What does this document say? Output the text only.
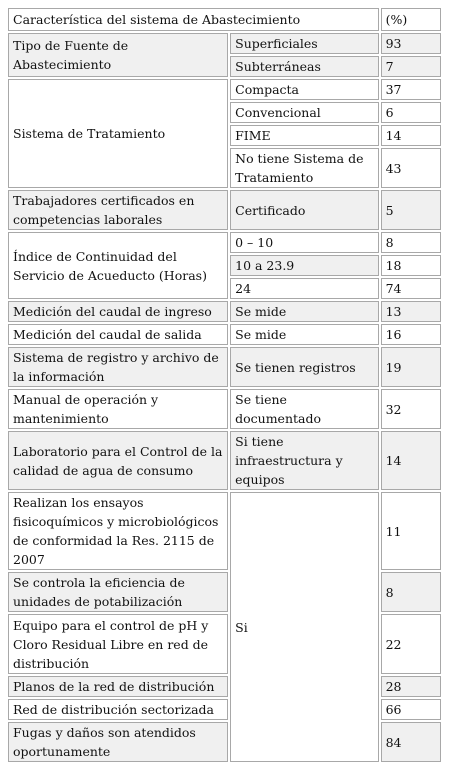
Característica del sistema de Abastecimiento		(%)
Tipo de Fuente de Abastecimiento	Superficiales	93
	Subterráneas	7
Sistema de Tratamiento	Compacta	37
	Convencional	6
	FIME	14
	No tiene Sistema de Tratamiento	43
Trabajadores certificados en competencias laborales	Certificado	5
Índice de Continuidad del Servicio de Acueducto (Horas)	0 – 10	8
	10 a 23.9	18
	24	74
Medición del caudal de ingreso	Se mide	13
Medición del caudal de salida	Se mide	16
Sistema de registro y archivo de la información	Se tienen registros	19
Manual de operación y mantenimiento	Se tiene documentado	32
Laboratorio para el Control de la calidad de agua de consumo	Si tiene infraestructura y equipos	14
Realizan los ensayos fisicoquímicos y microbiológicos de conformidad la Res. 2115 de 2007	Si	11
Se controla la eficiencia de unidades de potabilización		8
Equipo para el control de pH y Cloro Residual Libre en red de distribución		22
Planos de la red de distribución		28
Red de distribución sectorizada		66
Fugas y daños son atendidos oportunamente		84
